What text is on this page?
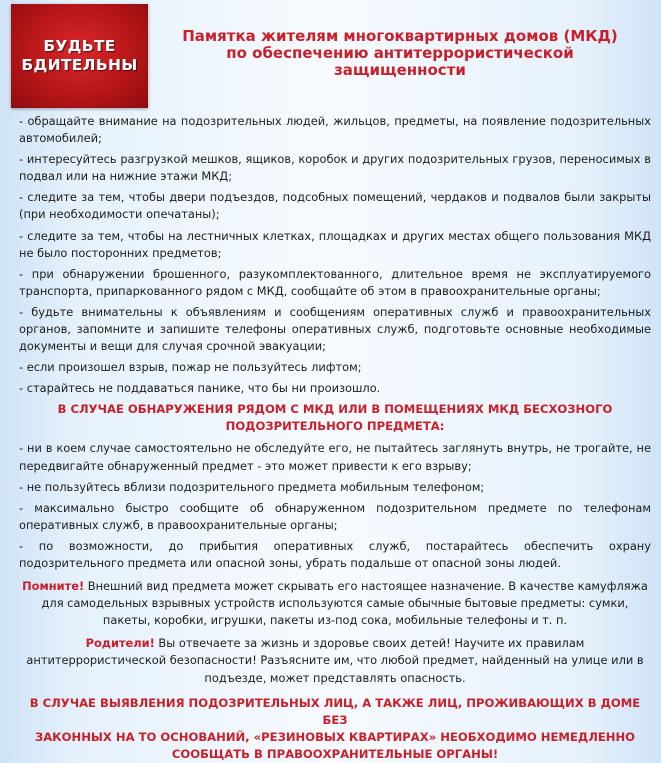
БУДЬТЕ
БДИТЕЛЬНЫ
Памятка жителям многоквартирных домов (МКД)
по обеспечению антитеррористической
защищенности
- обращайте внимание на подозрительных людей, жильцов, предметы, на появление подозрительных автомобилей;
- интересуйтесь разгрузкой мешков, ящиков, коробок и других подозрительных грузов, переносимых в подвал или на нижние этажи МКД;
- следите за тем, чтобы двери подъездов, подсобных помещений, чердаков и подвалов были закрыты (при необходимости опечатаны);
- следите за тем, чтобы на лестничных клетках, площадках и других местах общего пользования МКД не было посторонних предметов;
- при обнаружении брошенного, разукомплектованного, длительное время не эксплуатируемого транспорта, припаркованного рядом с МКД, сообщайте об этом в правоохранительные органы;
- будьте внимательны к объявлениям и сообщениям оперативных служб и правоохранительных органов, запомните и запишите телефоны оперативных служб, подготовьте основные необходимые документы и вещи для случая срочной эвакуации;
- если произошел взрыв, пожар не пользуйтесь лифтом;
- старайтесь не поддаваться панике, что бы ни произошло.
В СЛУЧАЕ ОБНАРУЖЕНИЯ РЯДОМ С МКД ИЛИ В ПОМЕЩЕНИЯХ МКД БЕСХОЗНОГО
ПОДОЗРИТЕЛЬНОГО ПРЕДМЕТА:
- ни в коем случае самостоятельно не обследуйте его, не пытайтесь заглянуть внутрь, не трогайте, не передвигайте обнаруженный предмет - это может привести к его взрыву;
- не пользуйтесь вблизи подозрительного предмета мобильным телефоном;
- максимально быстро сообщите об обнаруженном подозрительном предмете по телефонам оперативных служб, в правоохранительные органы;
- по возможности, до прибытия оперативных служб, постарайтесь обеспечить охрану подозрительного предмета или опасной зоны, убрать подальше от опасной зоны людей.
Помните! Внешний вид предмета может скрывать его настоящее назначение. В качестве камуфляжа для самодельных взрывных устройств используются самые обычные бытовые предметы: сумки, пакеты, коробки, игрушки, пакеты из-под сока, мобильные телефоны и т. п.
Родители! Вы отвечаете за жизнь и здоровье своих детей! Научите их правилам антитеррористической безопасности! Разъясните им, что любой предмет, найденный на улице или в подъезде, может представлять опасность.
В СЛУЧАЕ ВЫЯВЛЕНИЯ ПОДОЗРИТЕЛЬНЫХ ЛИЦ, А ТАКЖЕ ЛИЦ, ПРОЖИВАЮЩИХ В ДОМЕ БЕЗ
ЗАКОННЫХ НА ТО ОСНОВАНИЙ, «РЕЗИНОВЫХ КВАРТИРАХ» НЕОБХОДИМО НЕМЕДЛЕННО
СООБЩАТЬ В ПРАВООХРАНИТЕЛЬНЫЕ ОРГАНЫ!
